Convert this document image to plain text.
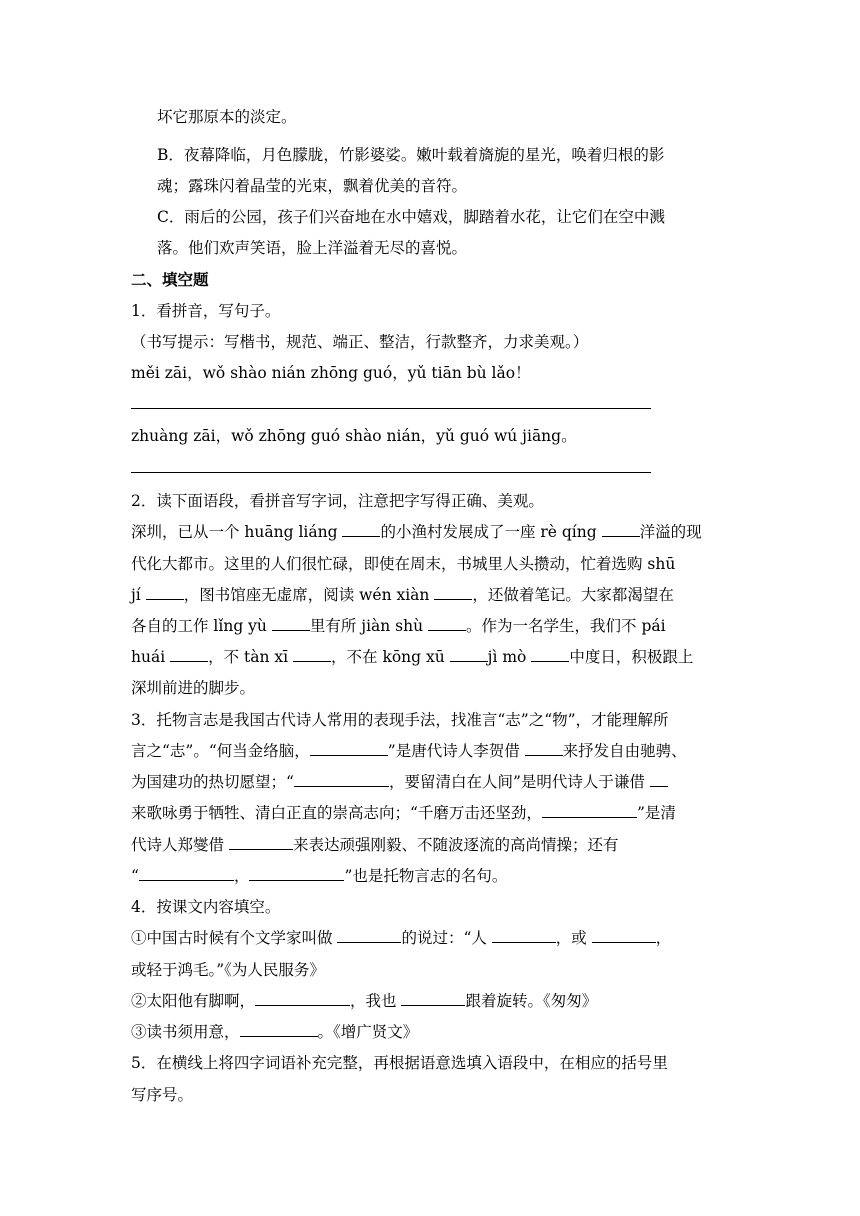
坏它那原本的淡定。
B．夜幕降临，月色朦胧，竹影婆娑。嫩叶载着旖旎的星光，唤着归根的影
魂；露珠闪着晶莹的光束，飘着优美的音符。
C．雨后的公园，孩子们兴奋地在水中嬉戏，脚踏着水花，让它们在空中溅
落。他们欢声笑语，脸上洋溢着无尽的喜悦。
二、填空题
1．看拼音，写句子。
（书写提示：写楷书，规范、端正、整洁，行款整齐，力求美观。）
měi zāi，wǒ shào nián zhōng guó，yǔ tiān bù lǎo！
zhuàng zāi，wǒ zhōng guó shào nián，yǔ guó wú jiāng。
2．读下面语段，看拼音写字词，注意把字写得正确、美观。
深圳，已从一个 huāng liáng 的小渔村发展成了一座 rè qíng 洋溢的现
代化大都市。这里的人们很忙碌，即使在周末，书城里人头攒动，忙着选购 shū
jí ，图书馆座无虚席，阅读 wén xiàn ，还做着笔记。大家都渴望在
各自的工作 lǐng yù 里有所 jiàn shù 。作为一名学生，我们不 pái
huái ，不 tàn xī ，不在 kōng xū jì mò 中度日，积极跟上
深圳前进的脚步。
3．托物言志是我国古代诗人常用的表现手法，找准言“志”之“物”，才能理解所
言之“志”。“何当金络脑，	”是唐代诗人李贺借 来抒发自由驰骋、
为国建功的热切愿望；“	，要留清白在人间”是明代诗人于谦借
来歌咏勇于牺牲、清白正直的崇高志向；“千磨万击还坚劲，	”是清
代诗人郑燮借	来表达顽强刚毅、不随波逐流的高尚情操；还有
“	，	”也是托物言志的名句。
4．按课文内容填空。
①中国古时候有个文学家叫做	的说过：“人	，或	，
或轻于鸿毛。”《为人民服务》
②太阳他有脚啊，	，我也	跟着旋转。《匆匆》
③读书须用意，	。《增广贤文》
5．在横线上将四字词语补充完整，再根据语意选填入语段中，在相应的括号里
写序号。
